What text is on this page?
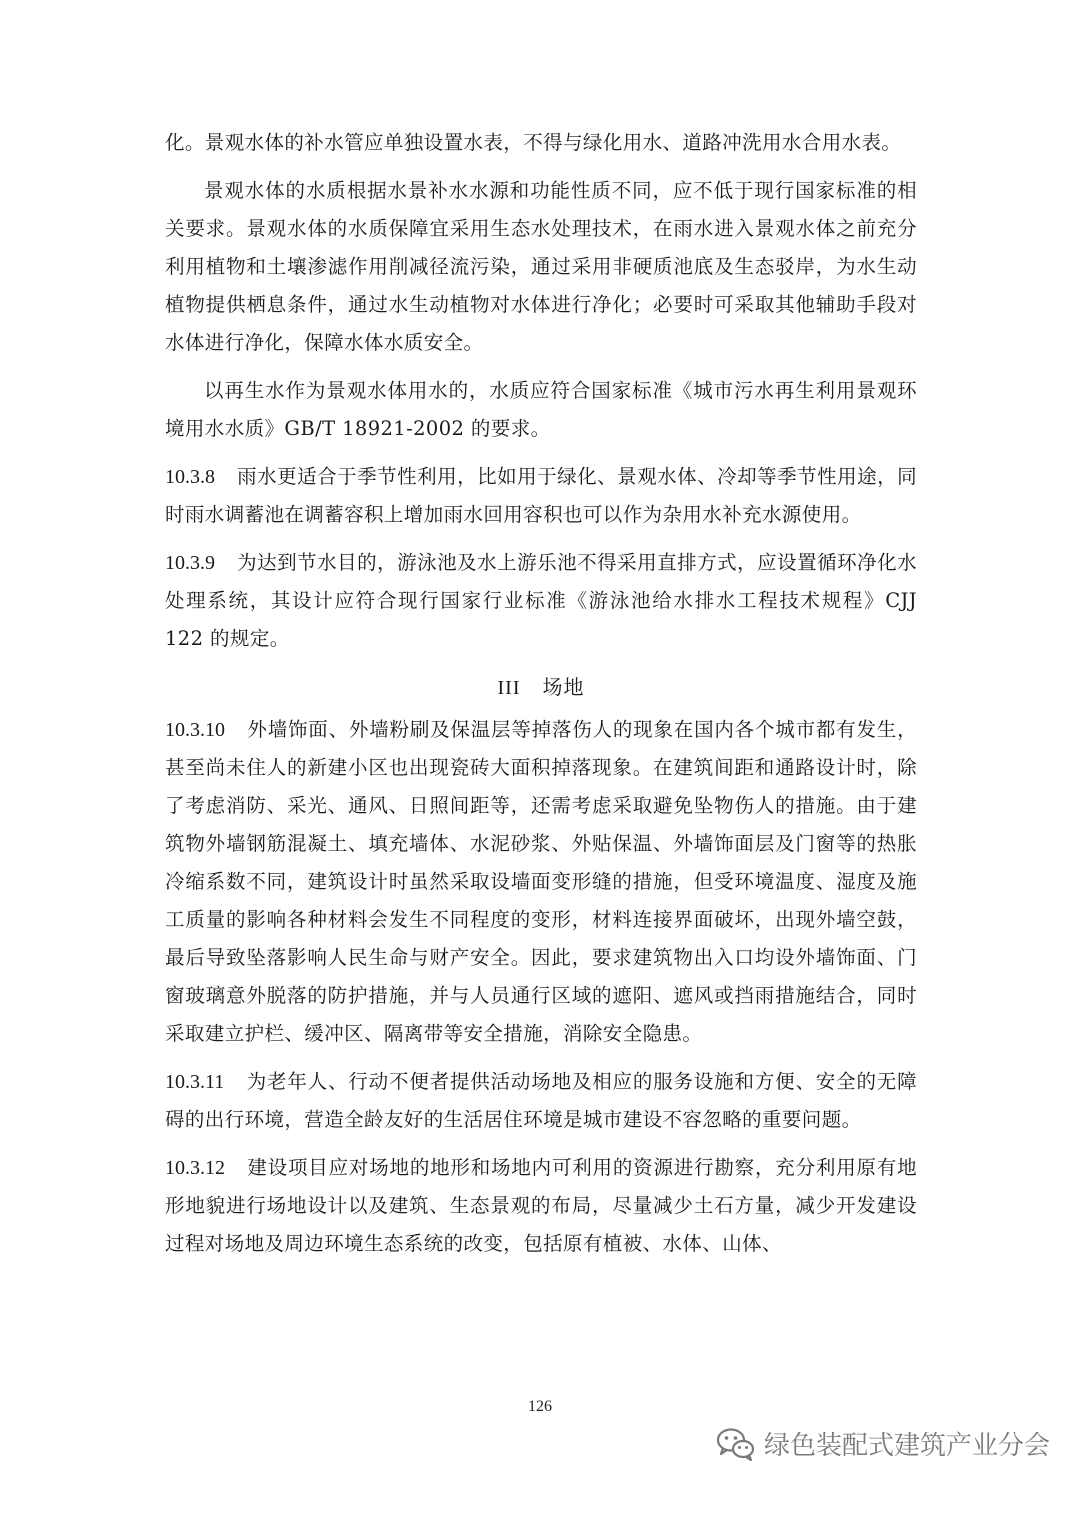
化。景观水体的补水管应单独设置水表，不得与绿化用水、道路冲洗用水合用水表。

景观水体的水质根据水景补水水源和功能性质不同，应不低于现行国家标准的相关要求。景观水体的水质保障宜采用生态水处理技术，在雨水进入景观水体之前充分利用植物和土壤渗滤作用削减径流污染，通过采用非硬质池底及生态驳岸，为水生动植物提供栖息条件，通过水生动植物对水体进行净化；必要时可采取其他辅助手段对水体进行净化，保障水体水质安全。

以再生水作为景观水体用水的，水质应符合国家标准《城市污水再生利用景观环境用水水质》GB/T 18921-2002 的要求。

10.3.8 雨水更适合于季节性利用，比如用于绿化、景观水体、冷却等季节性用途，同时雨水调蓄池在调蓄容积上增加雨水回用容积也可以作为杂用水补充水源使用。

10.3.9 为达到节水目的，游泳池及水上游乐池不得采用直排方式，应设置循环净化水处理系统，其设计应符合现行国家行业标准《游泳池给水排水工程技术规程》CJJ 122 的规定。

III 场地

10.3.10 外墙饰面、外墙粉刷及保温层等掉落伤人的现象在国内各个城市都有发生，甚至尚未住人的新建小区也出现瓷砖大面积掉落现象。在建筑间距和通路设计时，除了考虑消防、采光、通风、日照间距等，还需考虑采取避免坠物伤人的措施。由于建筑物外墙钢筋混凝土、填充墙体、水泥砂浆、外贴保温、外墙饰面层及门窗等的热胀冷缩系数不同，建筑设计时虽然采取设墙面变形缝的措施，但受环境温度、湿度及施工质量的影响各种材料会发生不同程度的变形，材料连接界面破坏，出现外墙空鼓，最后导致坠落影响人民生命与财产安全。因此，要求建筑物出入口均设外墙饰面、门窗玻璃意外脱落的防护措施，并与人员通行区域的遮阳、遮风或挡雨措施结合，同时采取建立护栏、缓冲区、隔离带等安全措施，消除安全隐患。

10.3.11 为老年人、行动不便者提供活动场地及相应的服务设施和方便、安全的无障碍的出行环境，营造全龄友好的生活居住环境是城市建设不容忽略的重要问题。

10.3.12 建设项目应对场地的地形和场地内可利用的资源进行勘察，充分利用原有地形地貌进行场地设计以及建筑、生态景观的布局，尽量减少土石方量，减少开发建设过程对场地及周边环境生态系统的改变，包括原有植被、水体、山体、

126
绿色装配式建筑产业分会
